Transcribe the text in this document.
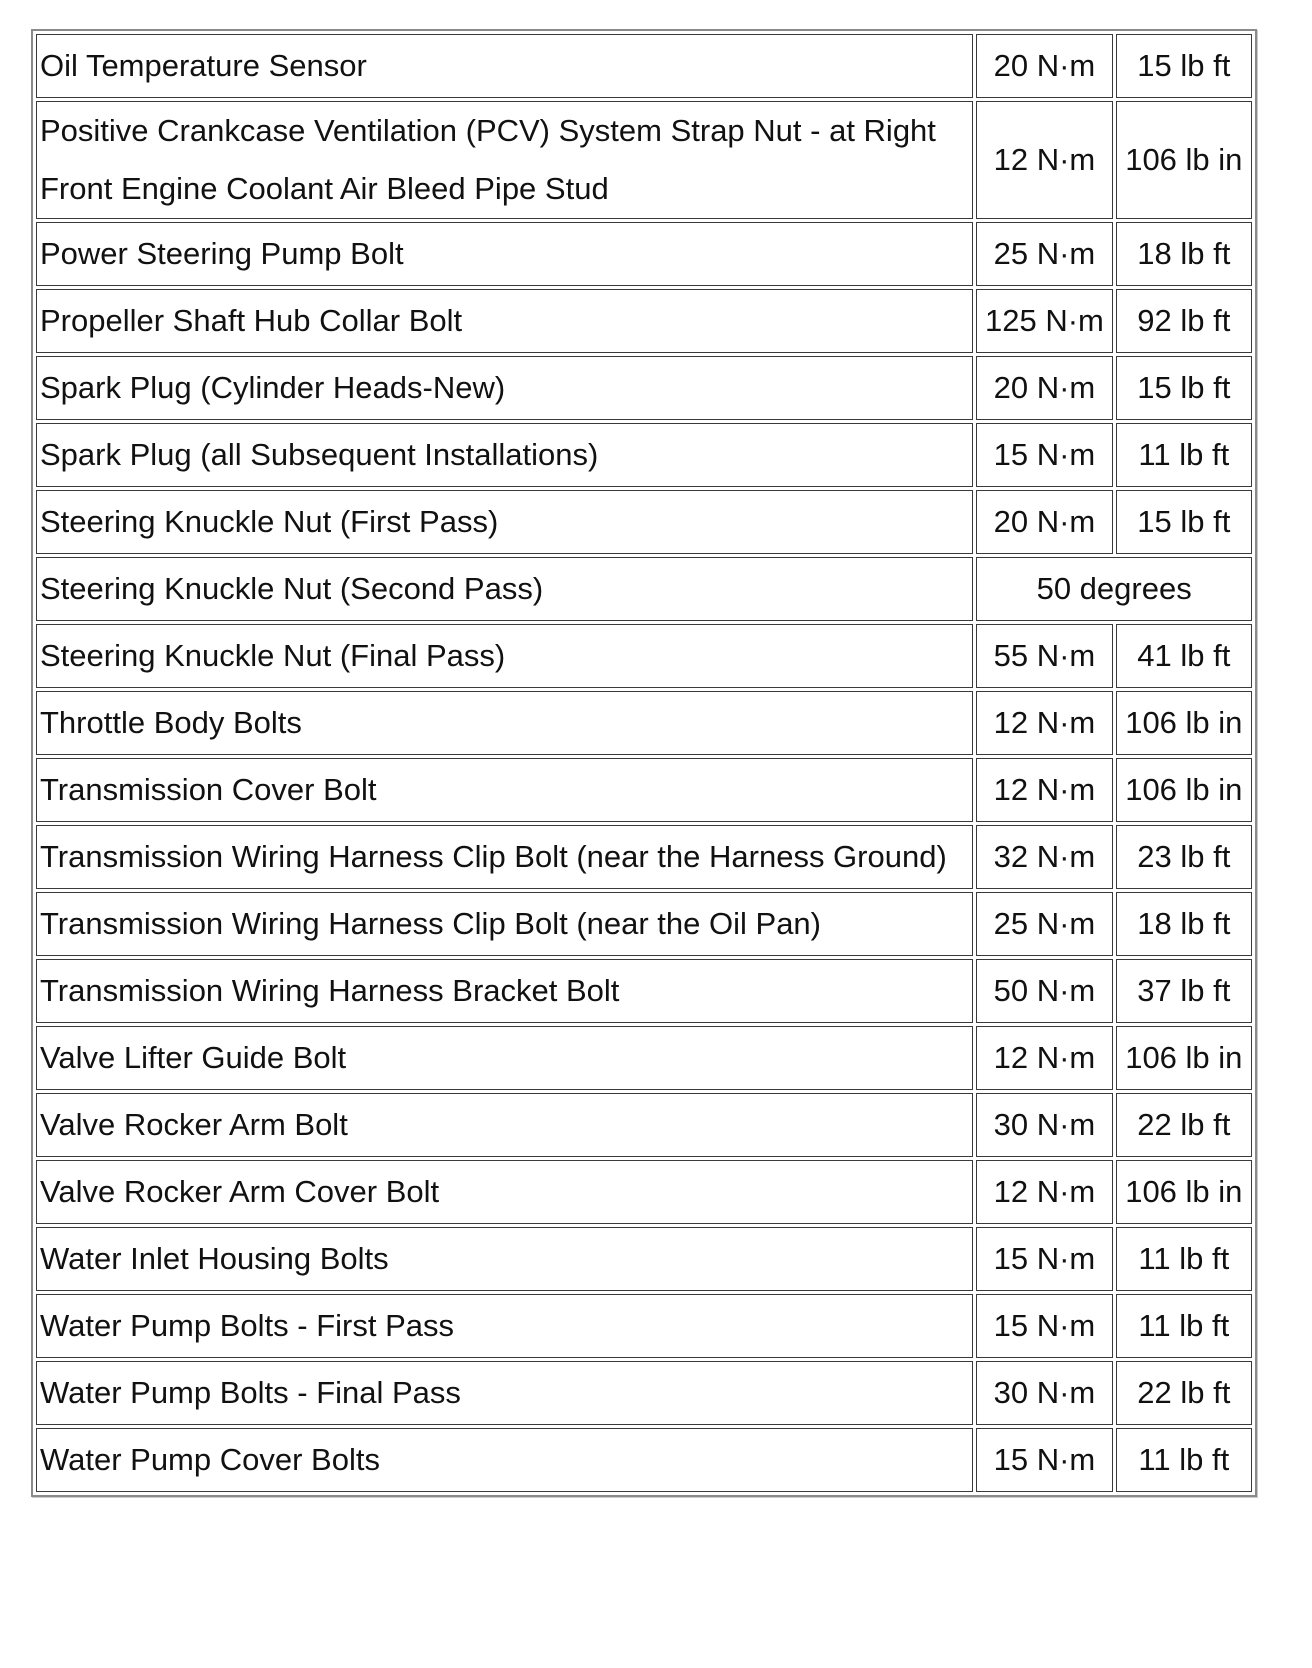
Oil Temperature Sensor	20 N·m	15 lb ft
Positive Crankcase Ventilation (PCV) System Strap Nut - at Right Front Engine Coolant Air Bleed Pipe Stud	12 N·m	106 lb in
Power Steering Pump Bolt	25 N·m	18 lb ft
Propeller Shaft Hub Collar Bolt	125 N·m	92 lb ft
Spark Plug (Cylinder Heads-New)	20 N·m	15 lb ft
Spark Plug (all Subsequent Installations)	15 N·m	11 lb ft
Steering Knuckle Nut (First Pass)	20 N·m	15 lb ft
Steering Knuckle Nut (Second Pass)	50 degrees	
Steering Knuckle Nut (Final Pass)	55 N·m	41 lb ft
Throttle Body Bolts	12 N·m	106 lb in
Transmission Cover Bolt	12 N·m	106 lb in
Transmission Wiring Harness Clip Bolt (near the Harness Ground)	32 N·m	23 lb ft
Transmission Wiring Harness Clip Bolt (near the Oil Pan)	25 N·m	18 lb ft
Transmission Wiring Harness Bracket Bolt	50 N·m	37 lb ft
Valve Lifter Guide Bolt	12 N·m	106 lb in
Valve Rocker Arm Bolt	30 N·m	22 lb ft
Valve Rocker Arm Cover Bolt	12 N·m	106 lb in
Water Inlet Housing Bolts	15 N·m	11 lb ft
Water Pump Bolts - First Pass	15 N·m	11 lb ft
Water Pump Bolts - Final Pass	30 N·m	22 lb ft
Water Pump Cover Bolts	15 N·m	11 lb ft
